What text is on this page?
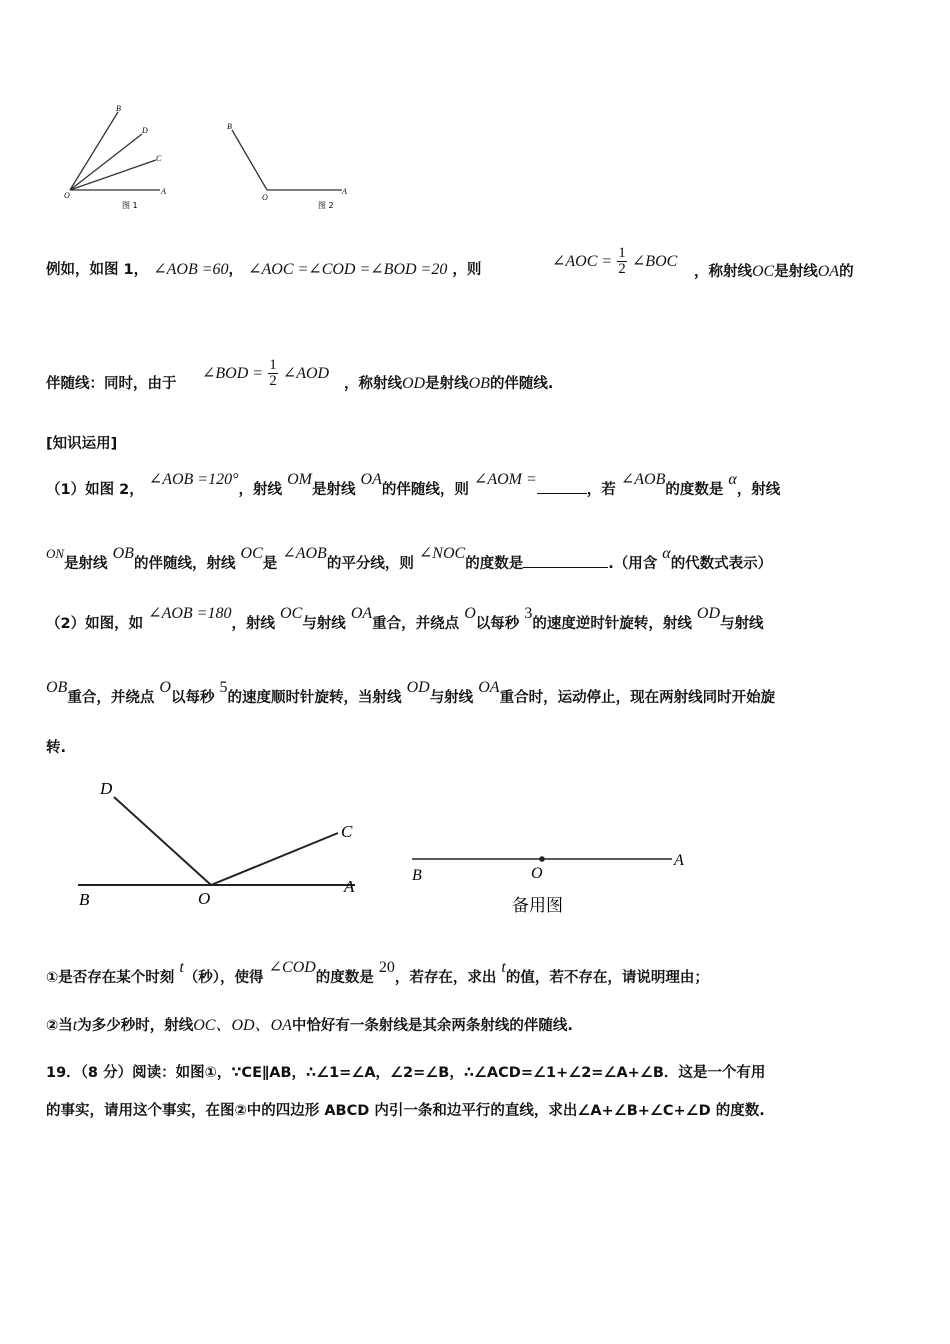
B
D
C
O	A
图 1
B
O
A
图 2
例如，如图 1， ∠AOB =60， ∠AOC =∠COD =∠BOD =20 ，则	∠AOC = $\frac{1}{2}$ ∠BOC
，称射线OC是射线OA的
伴随线：同时，由于
∠BOD = $\frac{1}{2}$ ∠AOD
，称射线OD是射线OB的伴随线.
[知识运用]
（1）如图 2， ∠AOB =120°，射线 OM是射线 OA的伴随线，则 ∠AOM =，若 ∠AOB的度数是 α，射线
ON是射线 OB的伴随线，射线 OC是 ∠AOB的平分线，则 ∠NOC的度数是	.（用含 α的代数式表示）
（2）如图，如 ∠AOB =180，射线 OC与射线 OA重合，并绕点 O以每秒 3的速度逆时针旋转，射线 OD与射线
OB重合，并绕点 O以每秒 5的速度顺时针旋转，当射线 OD与射线 OA重合时，运动停止，现在两射线同时开始旋
转.
D
C
B	O
A
B	O
A
备用图
①是否存在某个时刻 t（秒），使得 ∠COD的度数是 20，若存在，求出 t的值，若不存在，请说明理由；
②当t为多少秒时，射线OC、OD、OA中恰好有一条射线是其余两条射线的伴随线.
19．（8 分）阅读：如图①，∵CE∥AB，∴∠1=∠A，∠2=∠B，∴∠ACD=∠1+∠2=∠A+∠B．这是一个有用
的事实，请用这个事实，在图②中的四边形 ABCD 内引一条和边平行的直线，求出∠A+∠B+∠C+∠D 的度数.
